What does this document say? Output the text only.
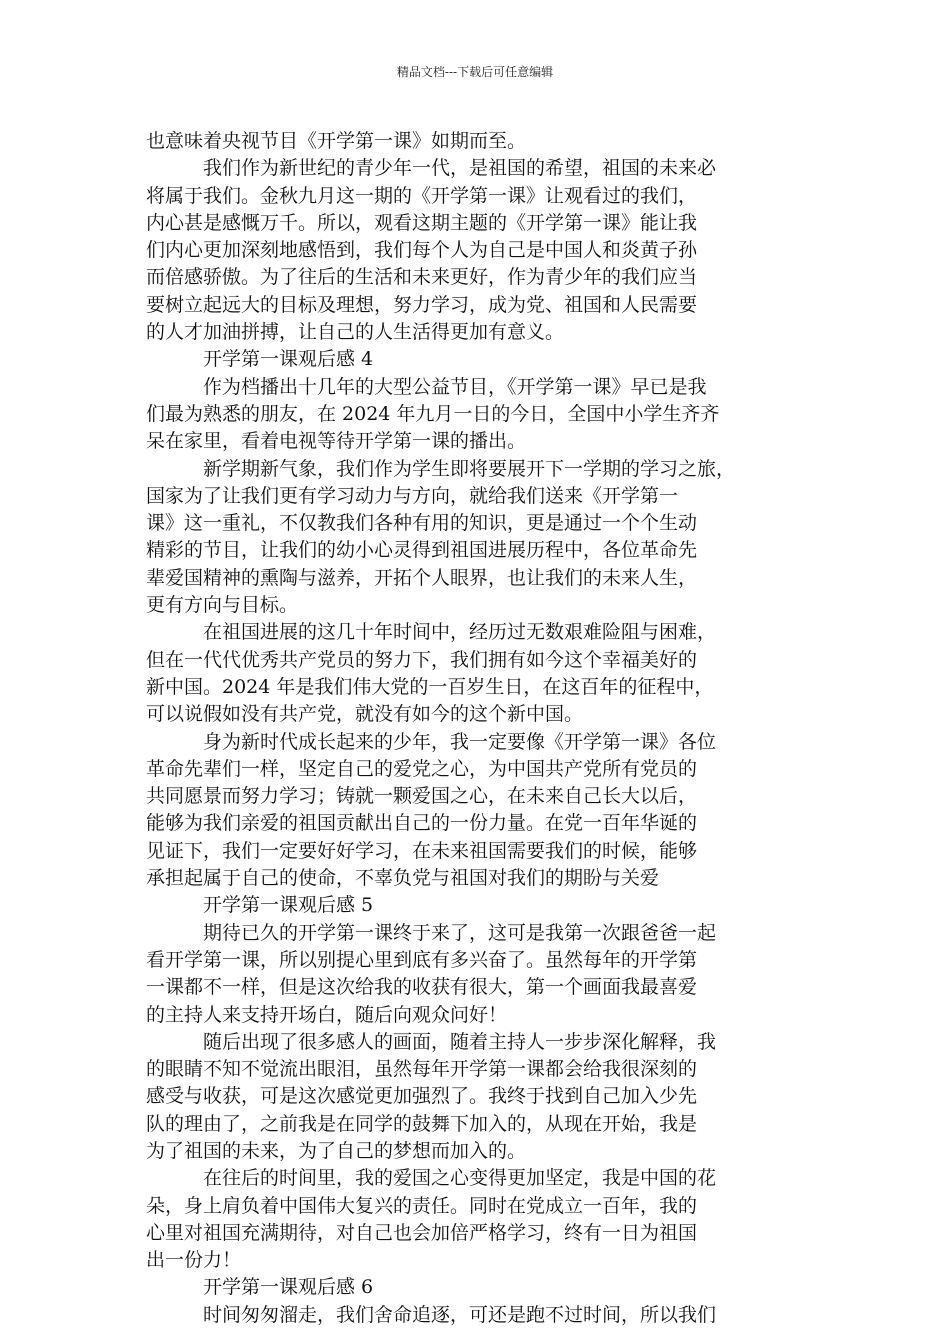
精品文档---下载后可任意编辑
也意味着央视节目《开学第一课》如期而至。
我们作为新世纪的青少年一代，是祖国的希望，祖国的未来必
将属于我们。金秋九月这一期的《开学第一课》让观看过的我们，
内心甚是感慨万千。所以，观看这期主题的《开学第一课》能让我
们内心更加深刻地感悟到，我们每个人为自己是中国人和炎黄子孙
而倍感骄傲。为了往后的生活和未来更好，作为青少年的我们应当
要树立起远大的目标及理想，努力学习，成为党、祖国和人民需要
的人才加油拼搏，让自己的人生活得更加有意义。
开学第一课观后感 4
作为档播出十几年的大型公益节目，《开学第一课》早已是我
们最为熟悉的朋友，在 2024 年九月一日的今日，全国中小学生齐齐
呆在家里，看着电视等待开学第一课的播出。
新学期新气象，我们作为学生即将要展开下一学期的学习之旅，
国家为了让我们更有学习动力与方向，就给我们送来《开学第一
课》这一重礼，不仅教我们各种有用的知识，更是通过一个个生动
精彩的节目，让我们的幼小心灵得到祖国进展历程中，各位革命先
辈爱国精神的熏陶与滋养，开拓个人眼界，也让我们的未来人生，
更有方向与目标。
在祖国进展的这几十年时间中，经历过无数艰难险阻与困难，
但在一代代优秀共产党员的努力下，我们拥有如今这个幸福美好的
新中国。2024 年是我们伟大党的一百岁生日，在这百年的征程中，
可以说假如没有共产党，就没有如今的这个新中国。
身为新时代成长起来的少年，我一定要像《开学第一课》各位
革命先辈们一样，坚定自己的爱党之心，为中国共产党所有党员的
共同愿景而努力学习；铸就一颗爱国之心，在未来自己长大以后，
能够为我们亲爱的祖国贡献出自己的一份力量。在党一百年华诞的
见证下，我们一定要好好学习，在未来祖国需要我们的时候，能够
承担起属于自己的使命，不辜负党与祖国对我们的期盼与关爱
开学第一课观后感 5
期待已久的开学第一课终于来了，这可是我第一次跟爸爸一起
看开学第一课，所以别提心里到底有多兴奋了。虽然每年的开学第
一课都不一样，但是这次给我的收获有很大，第一个画面我最喜爱
的主持人来支持开场白，随后向观众问好！
随后出现了很多感人的画面，随着主持人一步步深化解释，我
的眼睛不知不觉流出眼泪，虽然每年开学第一课都会给我很深刻的
感受与收获，可是这次感觉更加强烈了。我终于找到自己加入少先
队的理由了，之前我是在同学的鼓舞下加入的，从现在开始，我是
为了祖国的未来，为了自己的梦想而加入的。
在往后的时间里，我的爱国之心变得更加坚定，我是中国的花
朵，身上肩负着中国伟大复兴的责任。同时在党成立一百年，我的
心里对祖国充满期待，对自己也会加倍严格学习，终有一日为祖国
出一份力！
开学第一课观后感 6
时间匆匆溜走，我们舍命追逐，可还是跑不过时间，所以我们
